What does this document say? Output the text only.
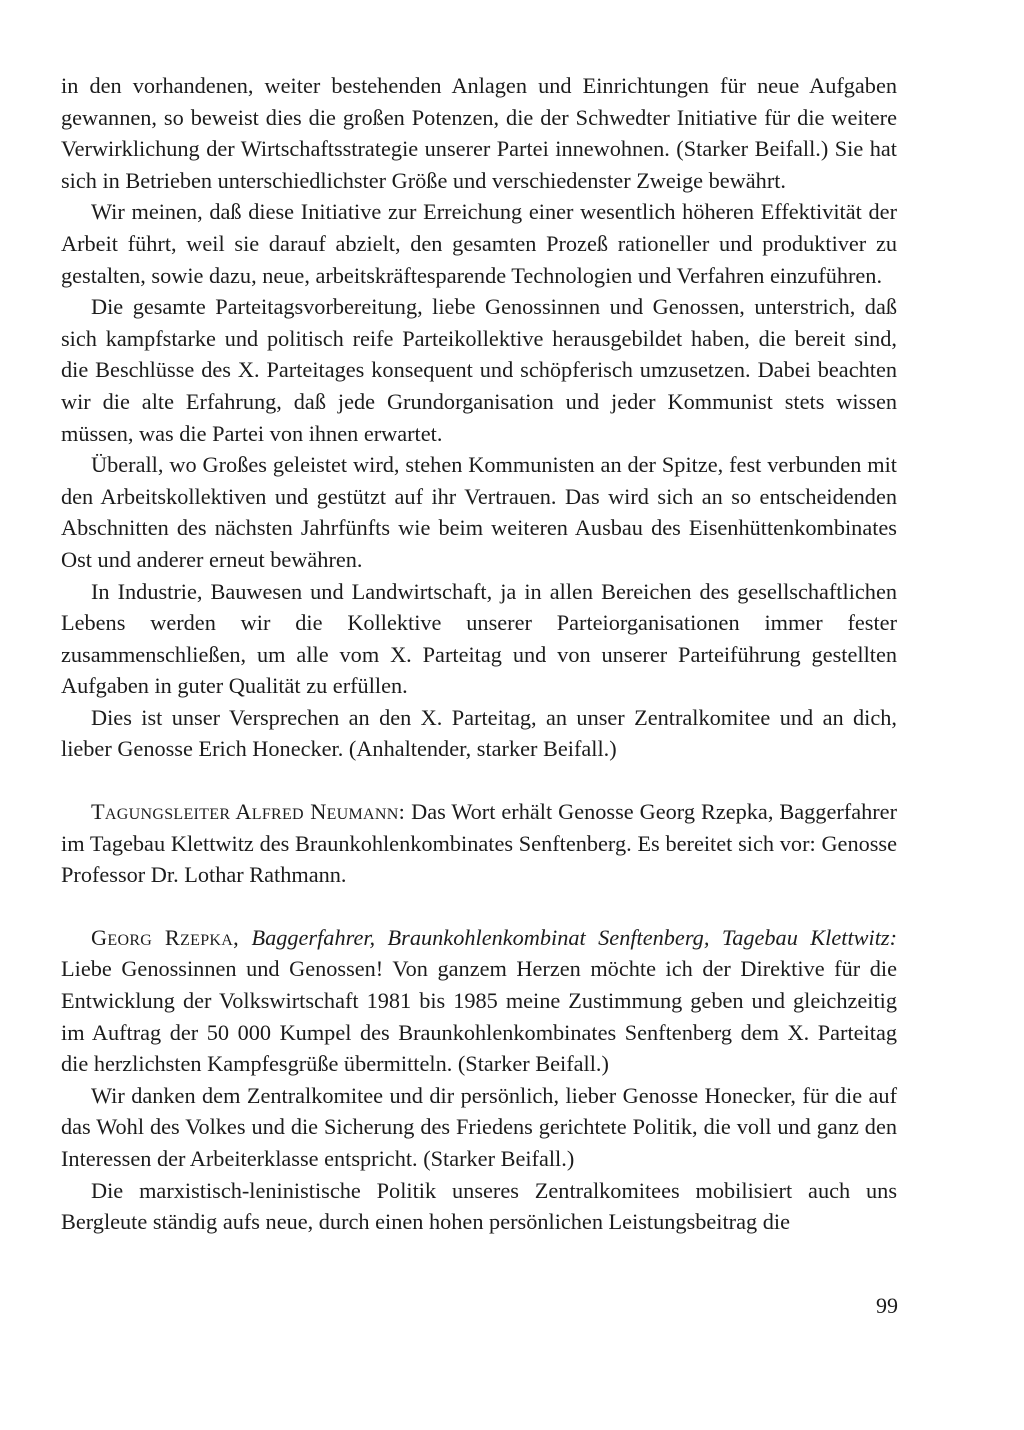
in den vorhandenen, weiter bestehenden Anlagen und Einrichtungen für neue Aufgaben gewannen, so beweist dies die großen Potenzen, die der Schwedter Initiative für die weitere Verwirklichung der Wirtschaftsstrategie unserer Partei innewohnen. (Starker Beifall.) Sie hat sich in Betrieben unterschiedlichster Größe und verschiedenster Zweige bewährt.

Wir meinen, daß diese Initiative zur Erreichung einer wesentlich höheren Effektivität der Arbeit führt, weil sie darauf abzielt, den gesamten Prozeß rationeller und produktiver zu gestalten, sowie dazu, neue, arbeitskräftesparende Technologien und Verfahren einzuführen.

Die gesamte Parteitagsvorbereitung, liebe Genossinnen und Genossen, unterstrich, daß sich kampfstarke und politisch reife Parteikollektive herausgebildet haben, die bereit sind, die Beschlüsse des X. Parteitages konsequent und schöpferisch umzusetzen. Dabei beachten wir die alte Erfahrung, daß jede Grundorganisation und jeder Kommunist stets wissen müssen, was die Partei von ihnen erwartet.

Überall, wo Großes geleistet wird, stehen Kommunisten an der Spitze, fest verbunden mit den Arbeitskollektiven und gestützt auf ihr Vertrauen. Das wird sich an so entscheidenden Abschnitten des nächsten Jahrfünfts wie beim weiteren Ausbau des Eisenhüttenkombinates Ost und anderer erneut bewähren.

In Industrie, Bauwesen und Landwirtschaft, ja in allen Bereichen des gesellschaftlichen Lebens werden wir die Kollektive unserer Parteiorganisationen immer fester zusammenschließen, um alle vom X. Parteitag und von unserer Parteiführung gestellten Aufgaben in guter Qualität zu erfüllen.

Dies ist unser Versprechen an den X. Parteitag, an unser Zentralkomitee und an dich, lieber Genosse Erich Honecker. (Anhaltender, starker Beifall.)

Tagungsleiter Alfred Neumann: Das Wort erhält Genosse Georg Rzepka, Baggerfahrer im Tagebau Klettwitz des Braunkohlenkombinates Senftenberg. Es bereitet sich vor: Genosse Professor Dr. Lothar Rathmann.

Georg Rzepka, Baggerfahrer, Braunkohlenkombinat Senftenberg, Tagebau Klettwitz: Liebe Genossinnen und Genossen! Von ganzem Herzen möchte ich der Direktive für die Entwicklung der Volkswirtschaft 1981 bis 1985 meine Zustimmung geben und gleichzeitig im Auftrag der 50 000 Kumpel des Braunkohlenkombinates Senftenberg dem X. Parteitag die herzlichsten Kampfesgrüße übermitteln. (Starker Beifall.)

Wir danken dem Zentralkomitee und dir persönlich, lieber Genosse Honecker, für die auf das Wohl des Volkes und die Sicherung des Friedens gerichtete Politik, die voll und ganz den Interessen der Arbeiterklasse entspricht. (Starker Beifall.)

Die marxistisch-leninistische Politik unseres Zentralkomitees mobilisiert auch uns Bergleute ständig aufs neue, durch einen hohen persönlichen Leistungsbeitrag die

99
